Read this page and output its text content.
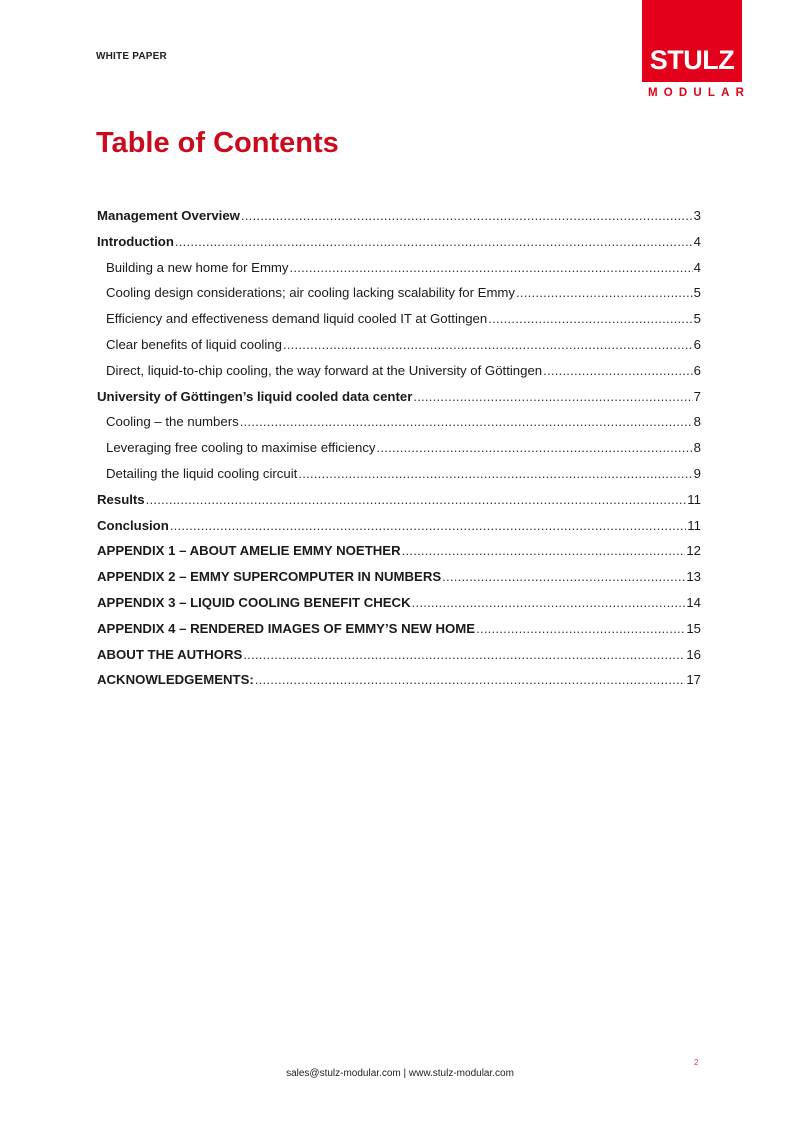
WHITE PAPER	STULZ
MODULAR
Table of Contents
Management Overview .....	3
Introduction .....	4
Building a new home for Emmy .....	4
Cooling design considerations; air cooling lacking scalability for Emmy .....	5
Efficiency and effectiveness demand liquid cooled IT at Gottingen .....	5
Clear benefits of liquid cooling .....	6
Direct, liquid-to-chip cooling, the way forward at the University of Göttingen .....	6
University of Göttingen’s liquid cooled data center .....	7
Cooling – the numbers .....	8
Leveraging free cooling to maximise efficiency .....	8
Detailing the liquid cooling circuit .....	9
Results .....	11
Conclusion .....	11
APPENDIX 1 – ABOUT AMELIE EMMY NOETHER .....	12
APPENDIX 2 – EMMY SUPERCOMPUTER IN NUMBERS .....	13
APPENDIX 3 – LIQUID COOLING BENEFIT CHECK .....	14
APPENDIX 4 – RENDERED IMAGES OF EMMY’S NEW HOME .....	15
ABOUT THE AUTHORS .....	16
ACKNOWLEDGEMENTS: .....	17
2
sales@stulz-modular.com | www.stulz-modular.com
